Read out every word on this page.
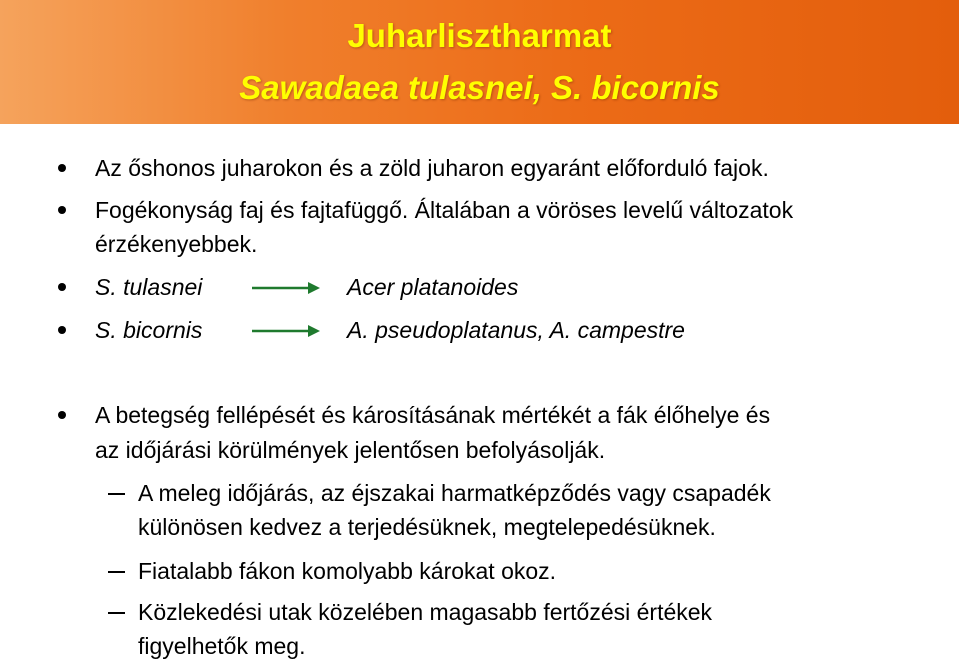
Juharlisztharmat
Sawadaea tulasnei, S. bicornis
Az őshonos juharokon és a zöld juharon egyaránt előforduló fajok.
Fogékonyság faj és fajtafüggő. Általában a vöröses levelű változatok
érzékenyebbek.
S. tulasnei	Acer platanoides
S. bicornis	A. pseudoplatanus, A. campestre
A betegség fellépését és károsításának mértékét a fák élőhelye és
az időjárási körülmények jelentősen befolyásolják.
A meleg időjárás, az éjszakai harmatképződés vagy csapadék
különösen kedvez a terjedésüknek, megtelepedésüknek.
Fiatalabb fákon komolyabb károkat okoz.
Közlekedési utak közelében magasabb fertőzési értékek
figyelhetők meg.
